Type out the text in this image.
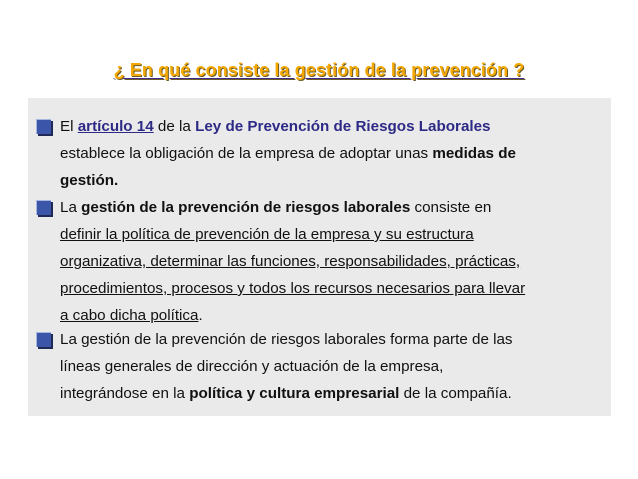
¿ En qué consiste la gestión de la prevención ?
El artículo 14 de la Ley de Prevención de Riesgos Laborales
establece la obligación de la empresa de adoptar unas medidas de
gestión.
La gestión de la prevención de riesgos laborales consiste en
definir la política de prevención de la empresa y su estructura
organizativa, determinar las funciones, responsabilidades, prácticas,
procedimientos, procesos y todos los recursos necesarios para llevar
a cabo dicha política.
La gestión de la prevención de riesgos laborales forma parte de las
líneas generales de dirección y actuación de la empresa,
integrándose en la política y cultura empresarial de la compañía.
